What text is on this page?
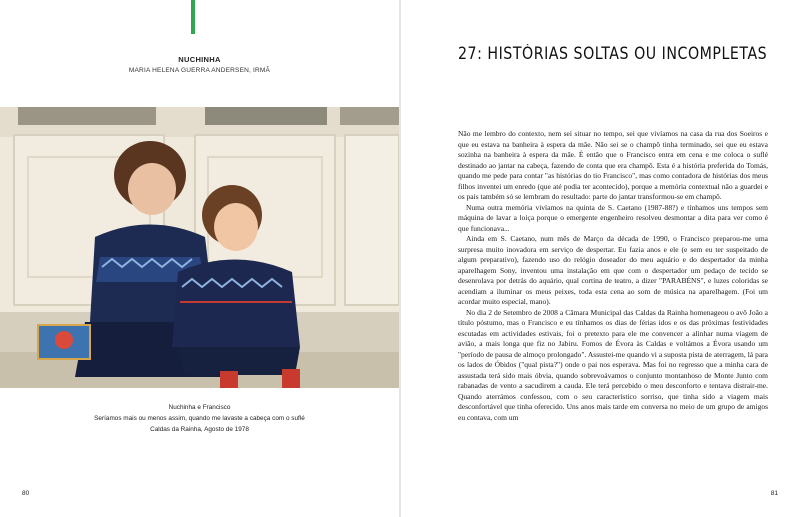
NUCHINHA
MARIA HELENA GUERRA ANDERSEN, IRMÃ
Nuchinha e Francisco
Seríamos mais ou menos assim, quando me lavaste a cabeça com o suflé
Caldas da Rainha, Agosto de 1978
80
27: HISTÓRIAS SOLTAS OU INCOMPLETAS

Não me lembro do contexto, nem sei situar no tempo, sei que vivíamos na casa da rua dos Soeiros e que eu estava na banheira à espera da mãe. Não sei se o champô tinha terminado, sei que eu estava sozinha na banheira à espera da mãe. É então que o Francisco entra em cena e me coloca o suflé destinado ao jantar na cabeça, fazendo de conta que era champô. Esta é a história preferida do Tomás, quando me pede para contar "as histórias do tio Francisco", mas como contadora de histórias dos meus filhos inventei um enredo (que até podia ter acontecido), porque a memória contextual não a guardei e os pais também só se lembram do resultado: parte do jantar transformou-se em champô.

Numa outra memória vivíamos na quinta de S. Caetano (1987-88?) e tínhamos uns tempos sem máquina de lavar a loiça porque o emergente engenheiro resolveu desmontar a dita para ver como é que funcionava...

Ainda em S. Caetano, num mês de Março da década de 1990, o Francisco preparou-me uma surpresa muito inovadora em serviço de despertar. Eu fazia anos e ele (e sem eu ter suspeitado de algum preparativo), fazendo uso do relógio doseador do meu aquário e do despertador da minha aparelhagem Sony, inventou uma instalação em que com o despertador um pedaço de tecido se desenrolava por detrás do aquário, qual cortina de teatro, a dizer "PARABÉNS", e luzes coloridas se acendiam a iluminar os meus peixes, toda esta cena ao som de música na aparelhagem. (Foi um acordar muito especial, mano).

No dia 2 de Setembro de 2008 a Câmara Municipal das Caldas da Rainha homenageou o avô João a título póstumo, mas o Francisco e eu tínhamos os dias de férias idos e os das próximas festividades escutadas em actividades estivais, foi o pretexto para ele me convencer a alinhar numa viagem de avião, a mais longa que fiz no Jabiru. Fomos de Évora às Caldas e voltámos a Évora usando um "período de pausa de almoço prolongado". Assustei-me quando vi a suposta pista de aterragem, lá para os lados de Óbidos ("qual pista?") onde o pai nos esperava. Mas foi no regresso que a minha cara de assustada terá sido mais óbvia, quando sobrevoávamos o conjunto montanhoso de Monte Junto com rabanadas de vento a sacudirem a cauda. Ele terá percebido o meu desconforto e tentava distrair-me. Quando aterrámos confessou, com o seu característico sorriso, que tinha sido a viagem mais desconfortável que tinha oferecido. Uns anos mais tarde em conversa no meio de um grupo de amigos eu contava, com um

81
